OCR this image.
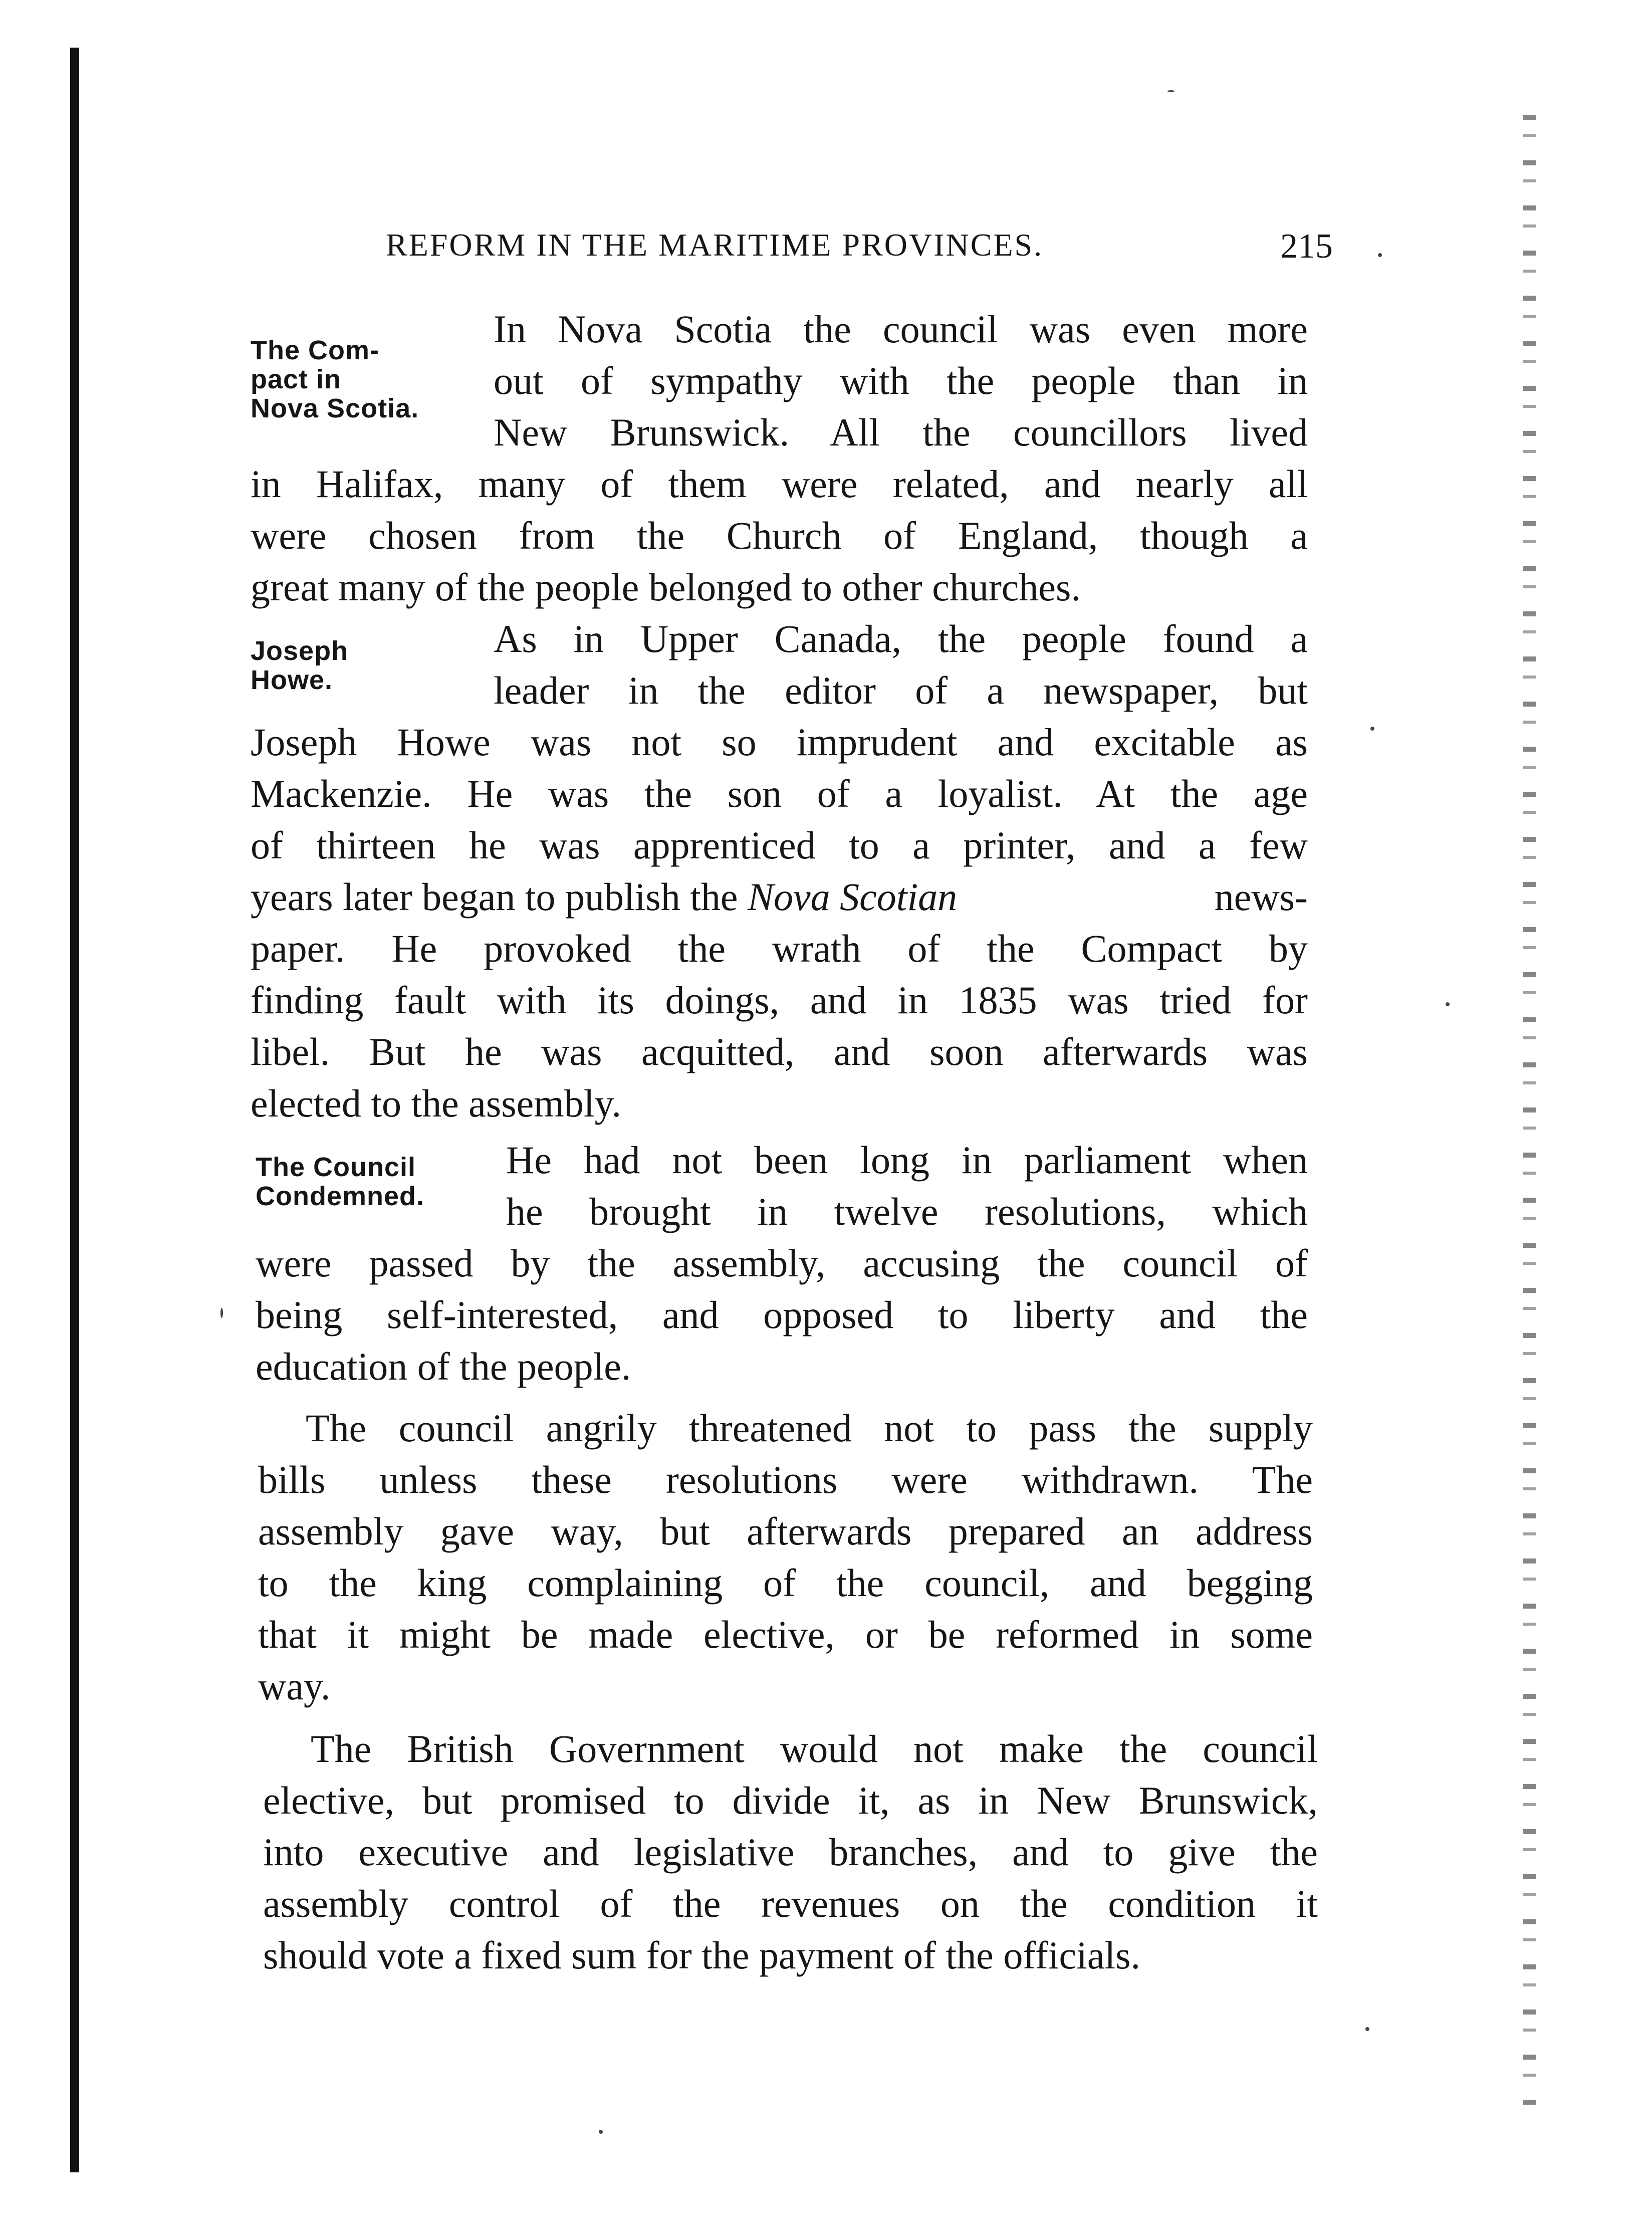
REFORM IN THE MARITIME PROVINCES.	215
The Com-
pact in
Nova Scotia.
Joseph
Howe.
The Council
Condemned.
In Nova Scotia the council was even more
out of sympathy with the people than in
New Brunswick. All the councillors lived
in Halifax, many of them were related, and nearly all
were chosen from the Church of England, though a
great many of the people belonged to other churches.
As in Upper Canada, the people found a
leader in the editor of a newspaper, but
Joseph Howe was not so imprudent and excitable as
Mackenzie. He was the son of a loyalist. At the age
of thirteen he was apprenticed to a printer, and a few
years later began to publish the Nova Scotian	news-
paper. He provoked the wrath of the Compact by
finding fault with its doings, and in 1835 was tried for
libel. But he was acquitted, and soon afterwards was
elected to the assembly.
He had not been long in parliament when
he brought in twelve resolutions, which
were passed by the assembly, accusing the council of
being self-interested, and opposed to liberty and the
education of the people.
The council angrily threatened not to pass the supply
bills unless these resolutions were withdrawn. The
assembly gave way, but afterwards prepared an address
to the king complaining of the council, and begging
that it might be made elective, or be reformed in some
way.
The British Government would not make the council
elective, but promised to divide it, as in New Brunswick,
into executive and legislative branches, and to give the
assembly control of the revenues on the condition it
should vote a fixed sum for the payment of the officials.
